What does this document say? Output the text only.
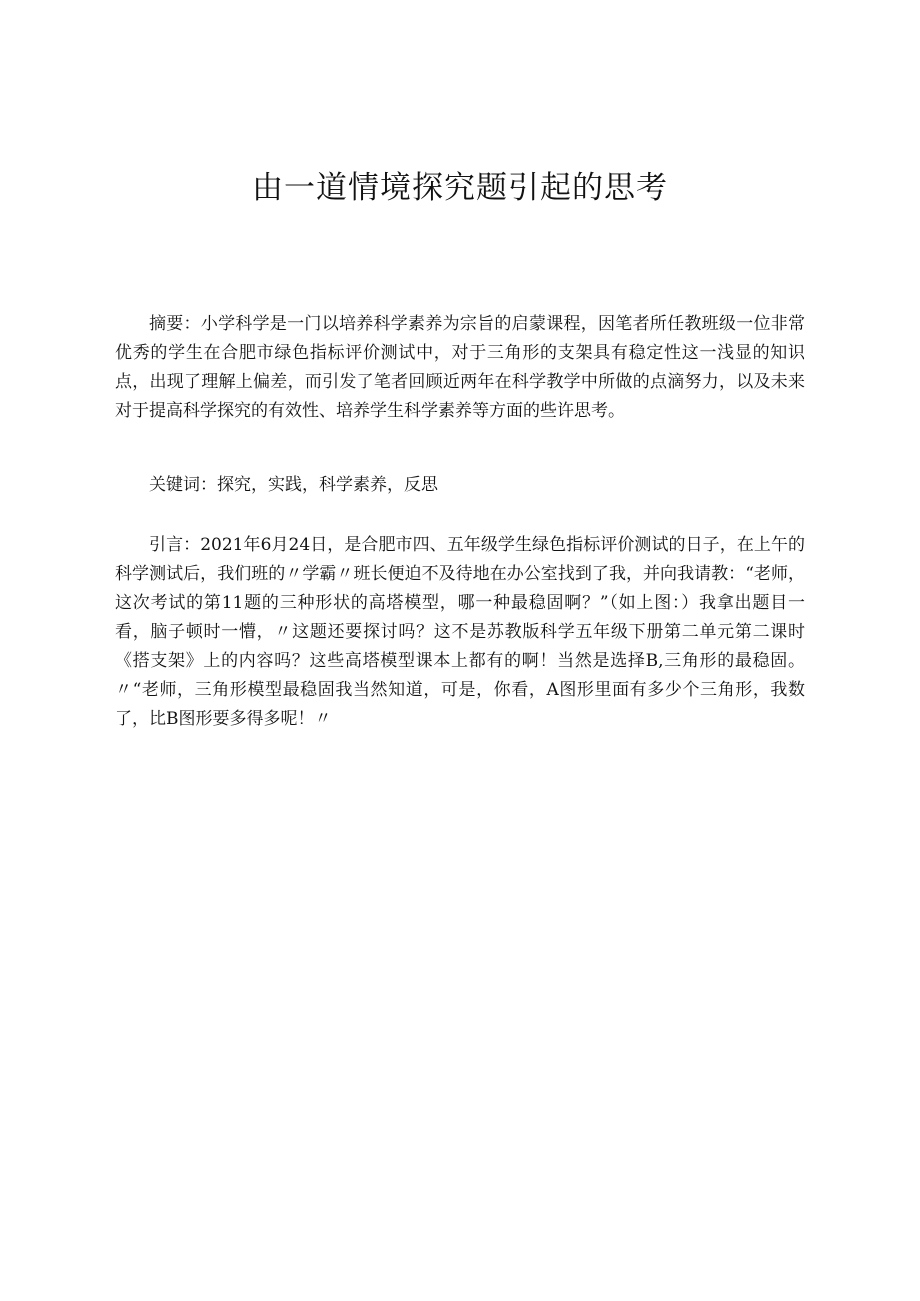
由一道情境探究题引起的思考

摘要：小学科学是一门以培养科学素养为宗旨的启蒙课程，因笔者所任教班级一位非常优秀的学生在合肥市绿色指标评价测试中，对于三角形的支架具有稳定性这一浅显的知识点，出现了理解上偏差，而引发了笔者回顾近两年在科学教学中所做的点滴努力，以及未来对于提高科学探究的有效性、培养学生科学素养等方面的些许思考。

关键词：探究，实践，科学素养，反思

引言：2021年6月24日，是合肥市四、五年级学生绿色指标评价测试的日子，在上午的科学测试后，我们班的〃学霸〃班长便迫不及待地在办公室找到了我，并向我请教：“老师，这次考试的第11题的三种形状的高塔模型，哪一种最稳固啊？”（如上图：）我拿出题目一看，脑子顿时一懵，〃这题还要探讨吗？这不是苏教版科学五年级下册第二单元第二课时《搭支架》上的内容吗？这些高塔模型课本上都有的啊！当然是选择B,三角形的最稳固。〃“老师，三角形模型最稳固我当然知道，可是，你看，A图形里面有多少个三角形，我数了，比B图形要多得多呢！〃
